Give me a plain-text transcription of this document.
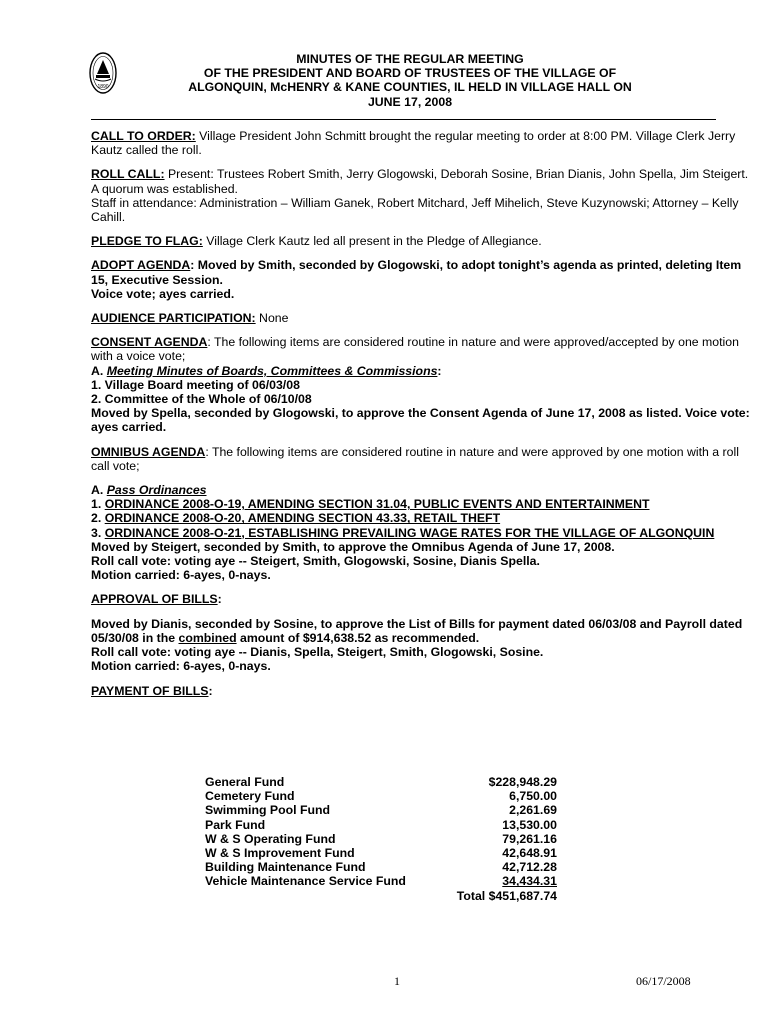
1890
MINUTES OF THE REGULAR MEETING
OF THE PRESIDENT AND BOARD OF TRUSTEES OF THE VILLAGE OF
ALGONQUIN, McHENRY & KANE COUNTIES, IL HELD IN VILLAGE HALL ON
JUNE 17, 2008

CALL TO ORDER: Village President John Schmitt brought the regular meeting to order at 8:00 PM. Village Clerk Jerry Kautz called the roll.

ROLL CALL: Present: Trustees Robert Smith, Jerry Glogowski, Deborah Sosine, Brian Dianis, John Spella, Jim Steigert. A quorum was established.
Staff in attendance: Administration – William Ganek, Robert Mitchard, Jeff Mihelich, Steve Kuzynowski; Attorney – Kelly Cahill.

PLEDGE TO FLAG: Village Clerk Kautz led all present in the Pledge of Allegiance.

ADOPT AGENDA: Moved by Smith, seconded by Glogowski, to adopt tonight’s agenda as printed, deleting Item 15, Executive Session.
Voice vote; ayes carried.

AUDIENCE PARTICIPATION: None

CONSENT AGENDA: The following items are considered routine in nature and were approved/accepted by one motion with a voice vote;
A. Meeting Minutes of Boards, Committees & Commissions:
1. Village Board meeting of 06/03/08
2. Committee of the Whole of 06/10/08
Moved by Spella, seconded by Glogowski, to approve the Consent Agenda of June 17, 2008 as listed. Voice vote: ayes carried.

OMNIBUS AGENDA: The following items are considered routine in nature and were approved by one motion with a roll call vote;

A. Pass Ordinances
1. ORDINANCE 2008-O-19, AMENDING SECTION 31.04, PUBLIC EVENTS AND ENTERTAINMENT
2. ORDINANCE 2008-O-20, AMENDING SECTION 43.33, RETAIL THEFT
3. ORDINANCE 2008-O-21, ESTABLISHING PREVAILING WAGE RATES FOR THE VILLAGE OF ALGONQUIN
Moved by Steigert, seconded by Smith, to approve the Omnibus Agenda of June 17, 2008.
Roll call vote: voting aye -- Steigert, Smith, Glogowski, Sosine, Dianis Spella.
Motion carried: 6-ayes, 0-nays.

APPROVAL OF BILLS:

Moved by Dianis, seconded by Sosine, to approve the List of Bills for payment dated 06/03/08 and Payroll dated 05/30/08 in the combined amount of $914,638.52 as recommended.
Roll call vote: voting aye -- Dianis, Spella, Steigert, Smith, Glogowski, Sosine.
Motion carried: 6-ayes, 0-nays.

PAYMENT OF BILLS:

General Fund	$228,948.29
Cemetery Fund	6,750.00
Swimming Pool Fund	2,261.69
Park Fund	13,530.00
W & S Operating Fund	79,261.16
W & S Improvement Fund	42,648.91
Building Maintenance Fund	42,712.28
Vehicle Maintenance Service Fund	34,434.31
Total $451,687.74
1	06/17/2008
